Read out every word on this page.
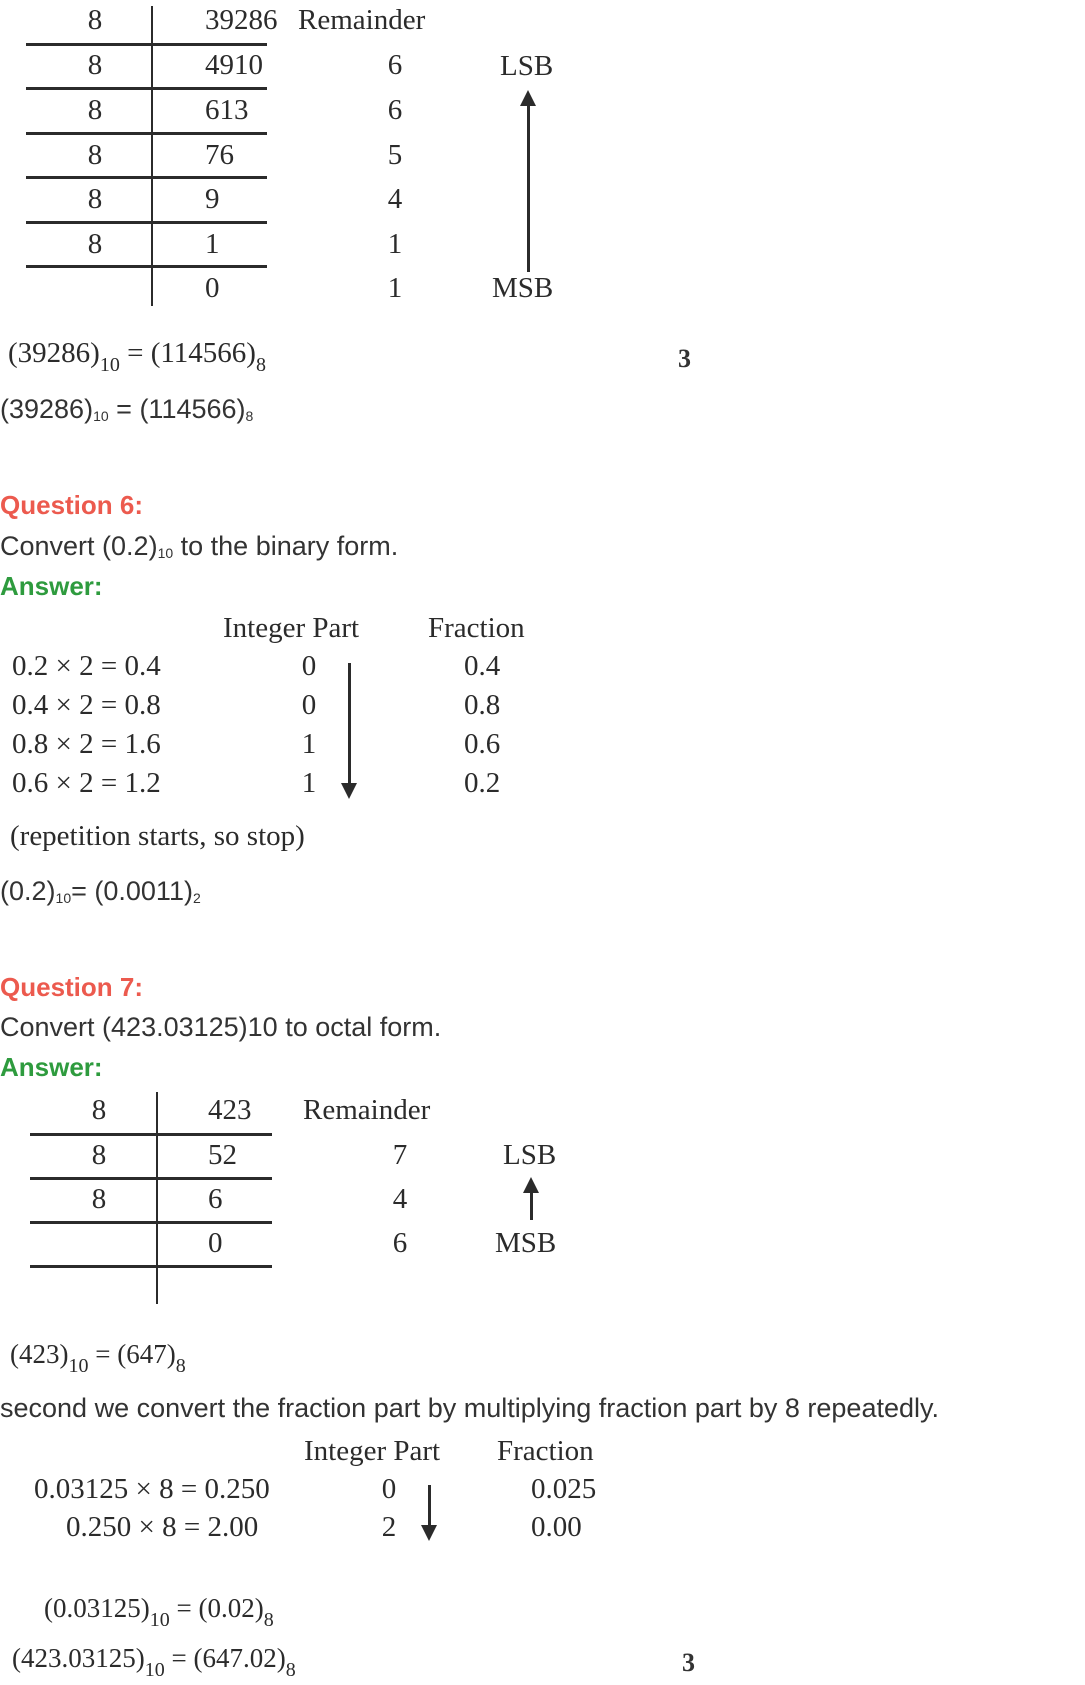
8
8
8
8
8
8
39286
4910
613
76
9
1
0
Remainder
6
6
5
4
1
1
LSB
MSB
$(39286)_{10} = (114566)_8$	3
(39286)10 = (114566)8
Question 6:
Convert (0.2)10 to the binary form.
Answer:
Integer Part Fraction
0.2 × 2 = 0.4
0.4 × 2 = 0.8
0.8 × 2 = 1.6
0.6 × 2 = 1.2
0
0
1
1
0.4
0.8
0.6
0.2
(repetition starts, so stop)
(0.2)10= (0.0011)2
Question 7:
Convert (423.03125)10 to octal form.
Answer:
8
8
8
423
52
6
0
Remainder
7
4
6
LSB
MSB
$(423)_{10} = (647)_8$
second we convert the fraction part by multiplying fraction part by 8 repeatedly.
Integer Part Fraction
0.03125 × 8 = 0.250
0.250 × 8 = 2.00
0
2
0.025
0.00
$(0.03125)_{10} = (0.02)_8$
$(423.03125)_{10} = (647.02)_8$	3
